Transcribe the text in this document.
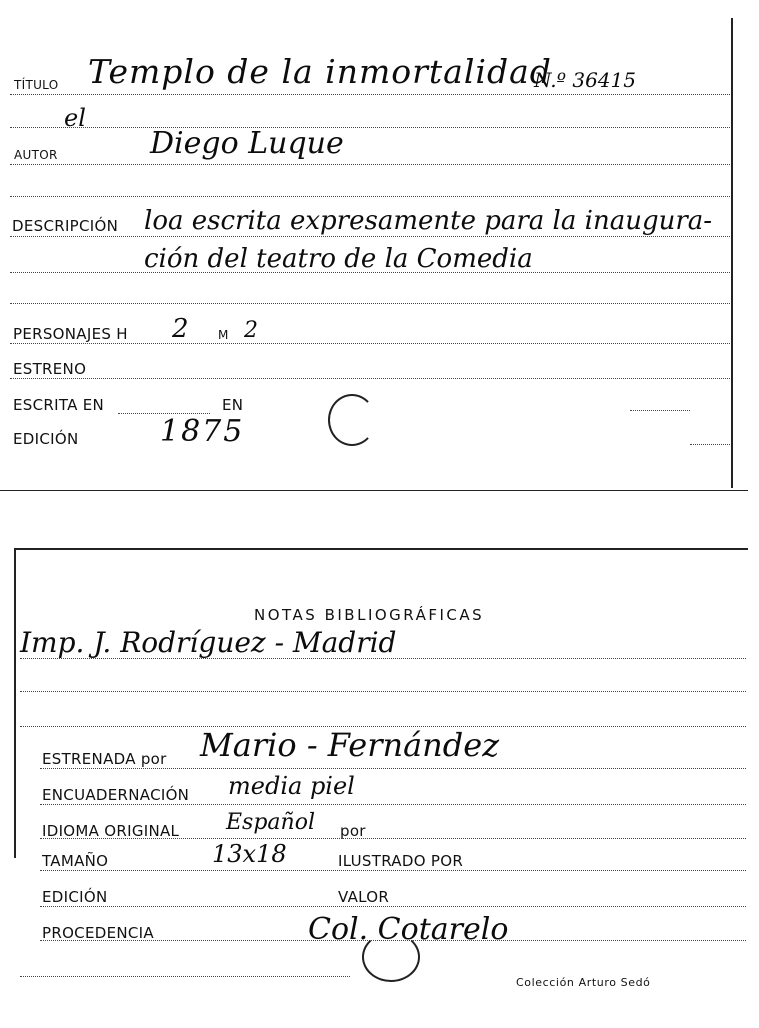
TÍTULO Templo de la inmortalidad
N.º 36415
el
AUTOR	Diego Luque
DESCRIPCIÓN loa escrita expresamente para la inaugura-
ción del teatro de la Comedia
PERSONAJES H 2 M 2
ESTRENO
ESCRITA EN	EN
EDICIÓN	1875
NOTAS BIBLIOGRÁFICAS
Imp. J. Rodríguez - Madrid
ESTRENADA por Mario - Fernández
ENCUADERNACIÓN media piel
IDIOMA ORIGINAL Español por
TAMAÑO	13x18	ILUSTRADO POR
EDICIÓN	VALOR
PROCEDENCIA	Col. Cotarelo
Colección Arturo Sedó
